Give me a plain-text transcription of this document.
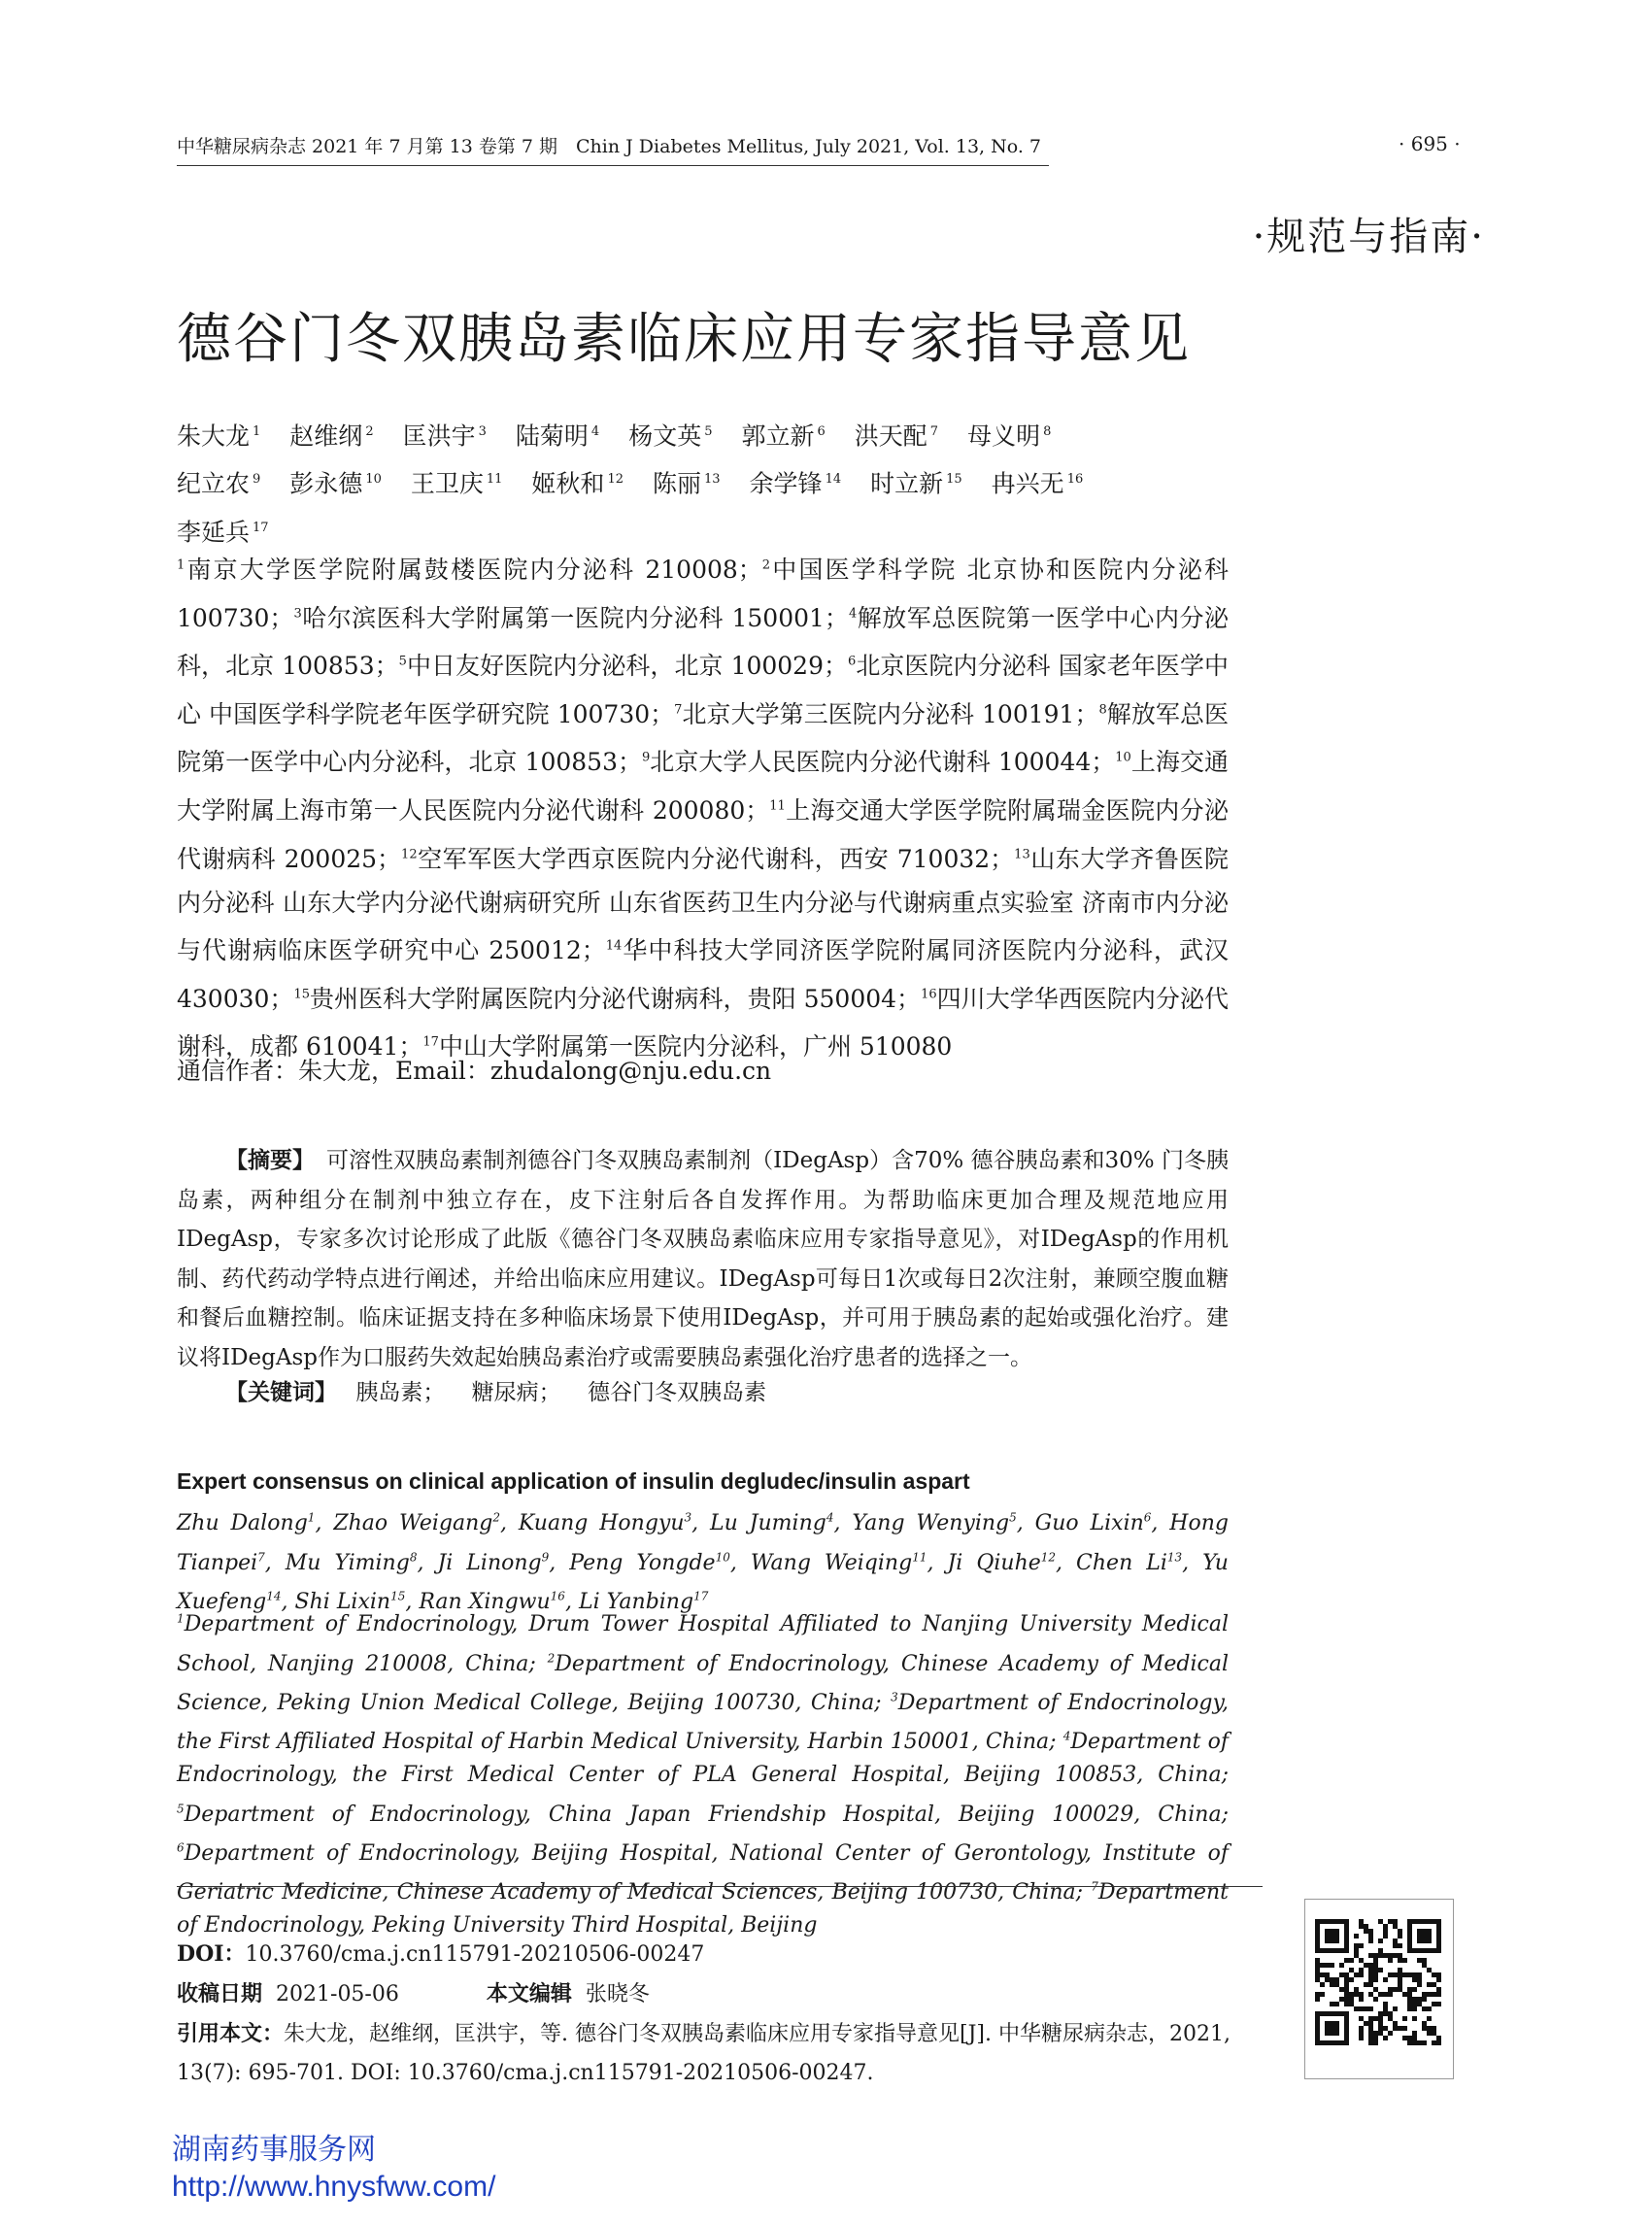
中华糖尿病杂志 2021 年 7 月第 13 卷第 7 期　Chin J Diabetes Mellitus, July 2021, Vol. 13, No. 7	· 695 ·
·规范与指南·
德谷门冬双胰岛素临床应用专家指导意见
朱大龙 $^1$ 赵维纲 $^2$ 匡洪宇 $^3$ 陆菊明 $^4$ 杨文英 $^5$ 郭立新 $^6$ 洪天配 $^7$ 母义明 $^8$
纪立农 $^9$ 彭永德 $^{10}$ 王卫庆 $^{11}$ 姬秋和 $^{12}$ 陈丽 $^{13}$ 余学锋 $^{14}$ 时立新 $^{15}$ 冉兴无 $^{16}$
李延兵 $^{17}$
$^1$南京大学医学院附属鼓楼医院内分泌科 210008；$^2$中国医学科学院 北京协和医院内分泌科 100730；$^3$哈尔滨医科大学附属第一医院内分泌科 150001；$^4$解放军总医院第一医学中心内分泌科，北京 100853；$^5$中日友好医院内分泌科，北京 100029；$^6$北京医院内分泌科 国家老年医学中心 中国医学科学院老年医学研究院 100730；$^7$北京大学第三医院内分泌科 100191；$^8$解放军总医院第一医学中心内分泌科，北京 100853；$^9$北京大学人民医院内分泌代谢科 100044；$^{10}$上海交通大学附属上海市第一人民医院内分泌代谢科 200080；$^{11}$上海交通大学医学院附属瑞金医院内分泌代谢病科 200025；$^{12}$空军军医大学西京医院内分泌代谢科，西安 710032；$^{13}$山东大学齐鲁医院内分泌科 山东大学内分泌代谢病研究所 山东省医药卫生内分泌与代谢病重点实验室 济南市内分泌与代谢病临床医学研究中心 250012；$^{14}$华中科技大学同济医学院附属同济医院内分泌科，武汉 430030；$^{15}$贵州医科大学附属医院内分泌代谢病科，贵阳 550004；$^{16}$四川大学华西医院内分泌代谢科，成都 610041；$^{17}$中山大学附属第一医院内分泌科，广州 510080
通信作者：朱大龙，Email：zhudalong@nju.edu.cn

【摘要】 可溶性双胰岛素制剂德谷门冬双胰岛素制剂（IDegAsp）含70% 德谷胰岛素和30% 门冬胰岛素，两种组分在制剂中独立存在，皮下注射后各自发挥作用。为帮助临床更加合理及规范地应用IDegAsp，专家多次讨论形成了此版《德谷门冬双胰岛素临床应用专家指导意见》，对IDegAsp的作用机制、药代药动学特点进行阐述，并给出临床应用建议。IDegAsp可每日1次或每日2次注射，兼顾空腹血糖和餐后血糖控制。临床证据支持在多种临床场景下使用IDegAsp，并可用于胰岛素的起始或强化治疗。建议将IDegAsp作为口服药失效起始胰岛素治疗或需要胰岛素强化治疗患者的选择之一。

【关键词】 胰岛素； 糖尿病； 德谷门冬双胰岛素
Expert consensus on clinical application of insulin degludec/insulin aspart
Zhu Dalong$^1$, Zhao Weigang$^2$, Kuang Hongyu$^3$, Lu Juming$^4$, Yang Wenying$^5$, Guo Lixin$^6$, Hong Tianpei$^7$, Mu Yiming$^8$, Ji Linong$^9$, Peng Yongde$^{10}$, Wang Weiqing$^{11}$, Ji Qiuhe$^{12}$, Chen Li$^{13}$, Yu Xuefeng$^{14}$, Shi Lixin$^{15}$, Ran Xingwu$^{16}$, Li Yanbing$^{17}$
$^1$Department of Endocrinology, Drum Tower Hospital Affiliated to Nanjing University Medical School, Nanjing 210008, China; $^2$Department of Endocrinology, Chinese Academy of Medical Science, Peking Union Medical College, Beijing 100730, China; $^3$Department of Endocrinology, the First Affiliated Hospital of Harbin Medical University, Harbin 150001, China; $^4$Department of Endocrinology, the First Medical Center of PLA General Hospital, Beijing 100853, China; $^5$Department of Endocrinology, China Japan Friendship Hospital, Beijing 100029, China; $^6$Department of Endocrinology, Beijing Hospital, National Center of Gerontology, Institute of Geriatric Medicine, Chinese Academy of Medical Sciences, Beijing 100730, China; $^7$Department of Endocrinology, Peking University Third Hospital, Beijing
DOI：10.3760/cma.j.cn115791-20210506-00247
收稿日期 2021-05-06	本文编辑 张晓冬
引用本文：朱大龙，赵维纲，匡洪宇，等. 德谷门冬双胰岛素临床应用专家指导意见[J]. 中华糖尿病杂志，2021, 13(7): 695-701. DOI: 10.3760/cma.j.cn115791-20210506-00247.
湖南药事服务网
http://www.hnysfww.com/
